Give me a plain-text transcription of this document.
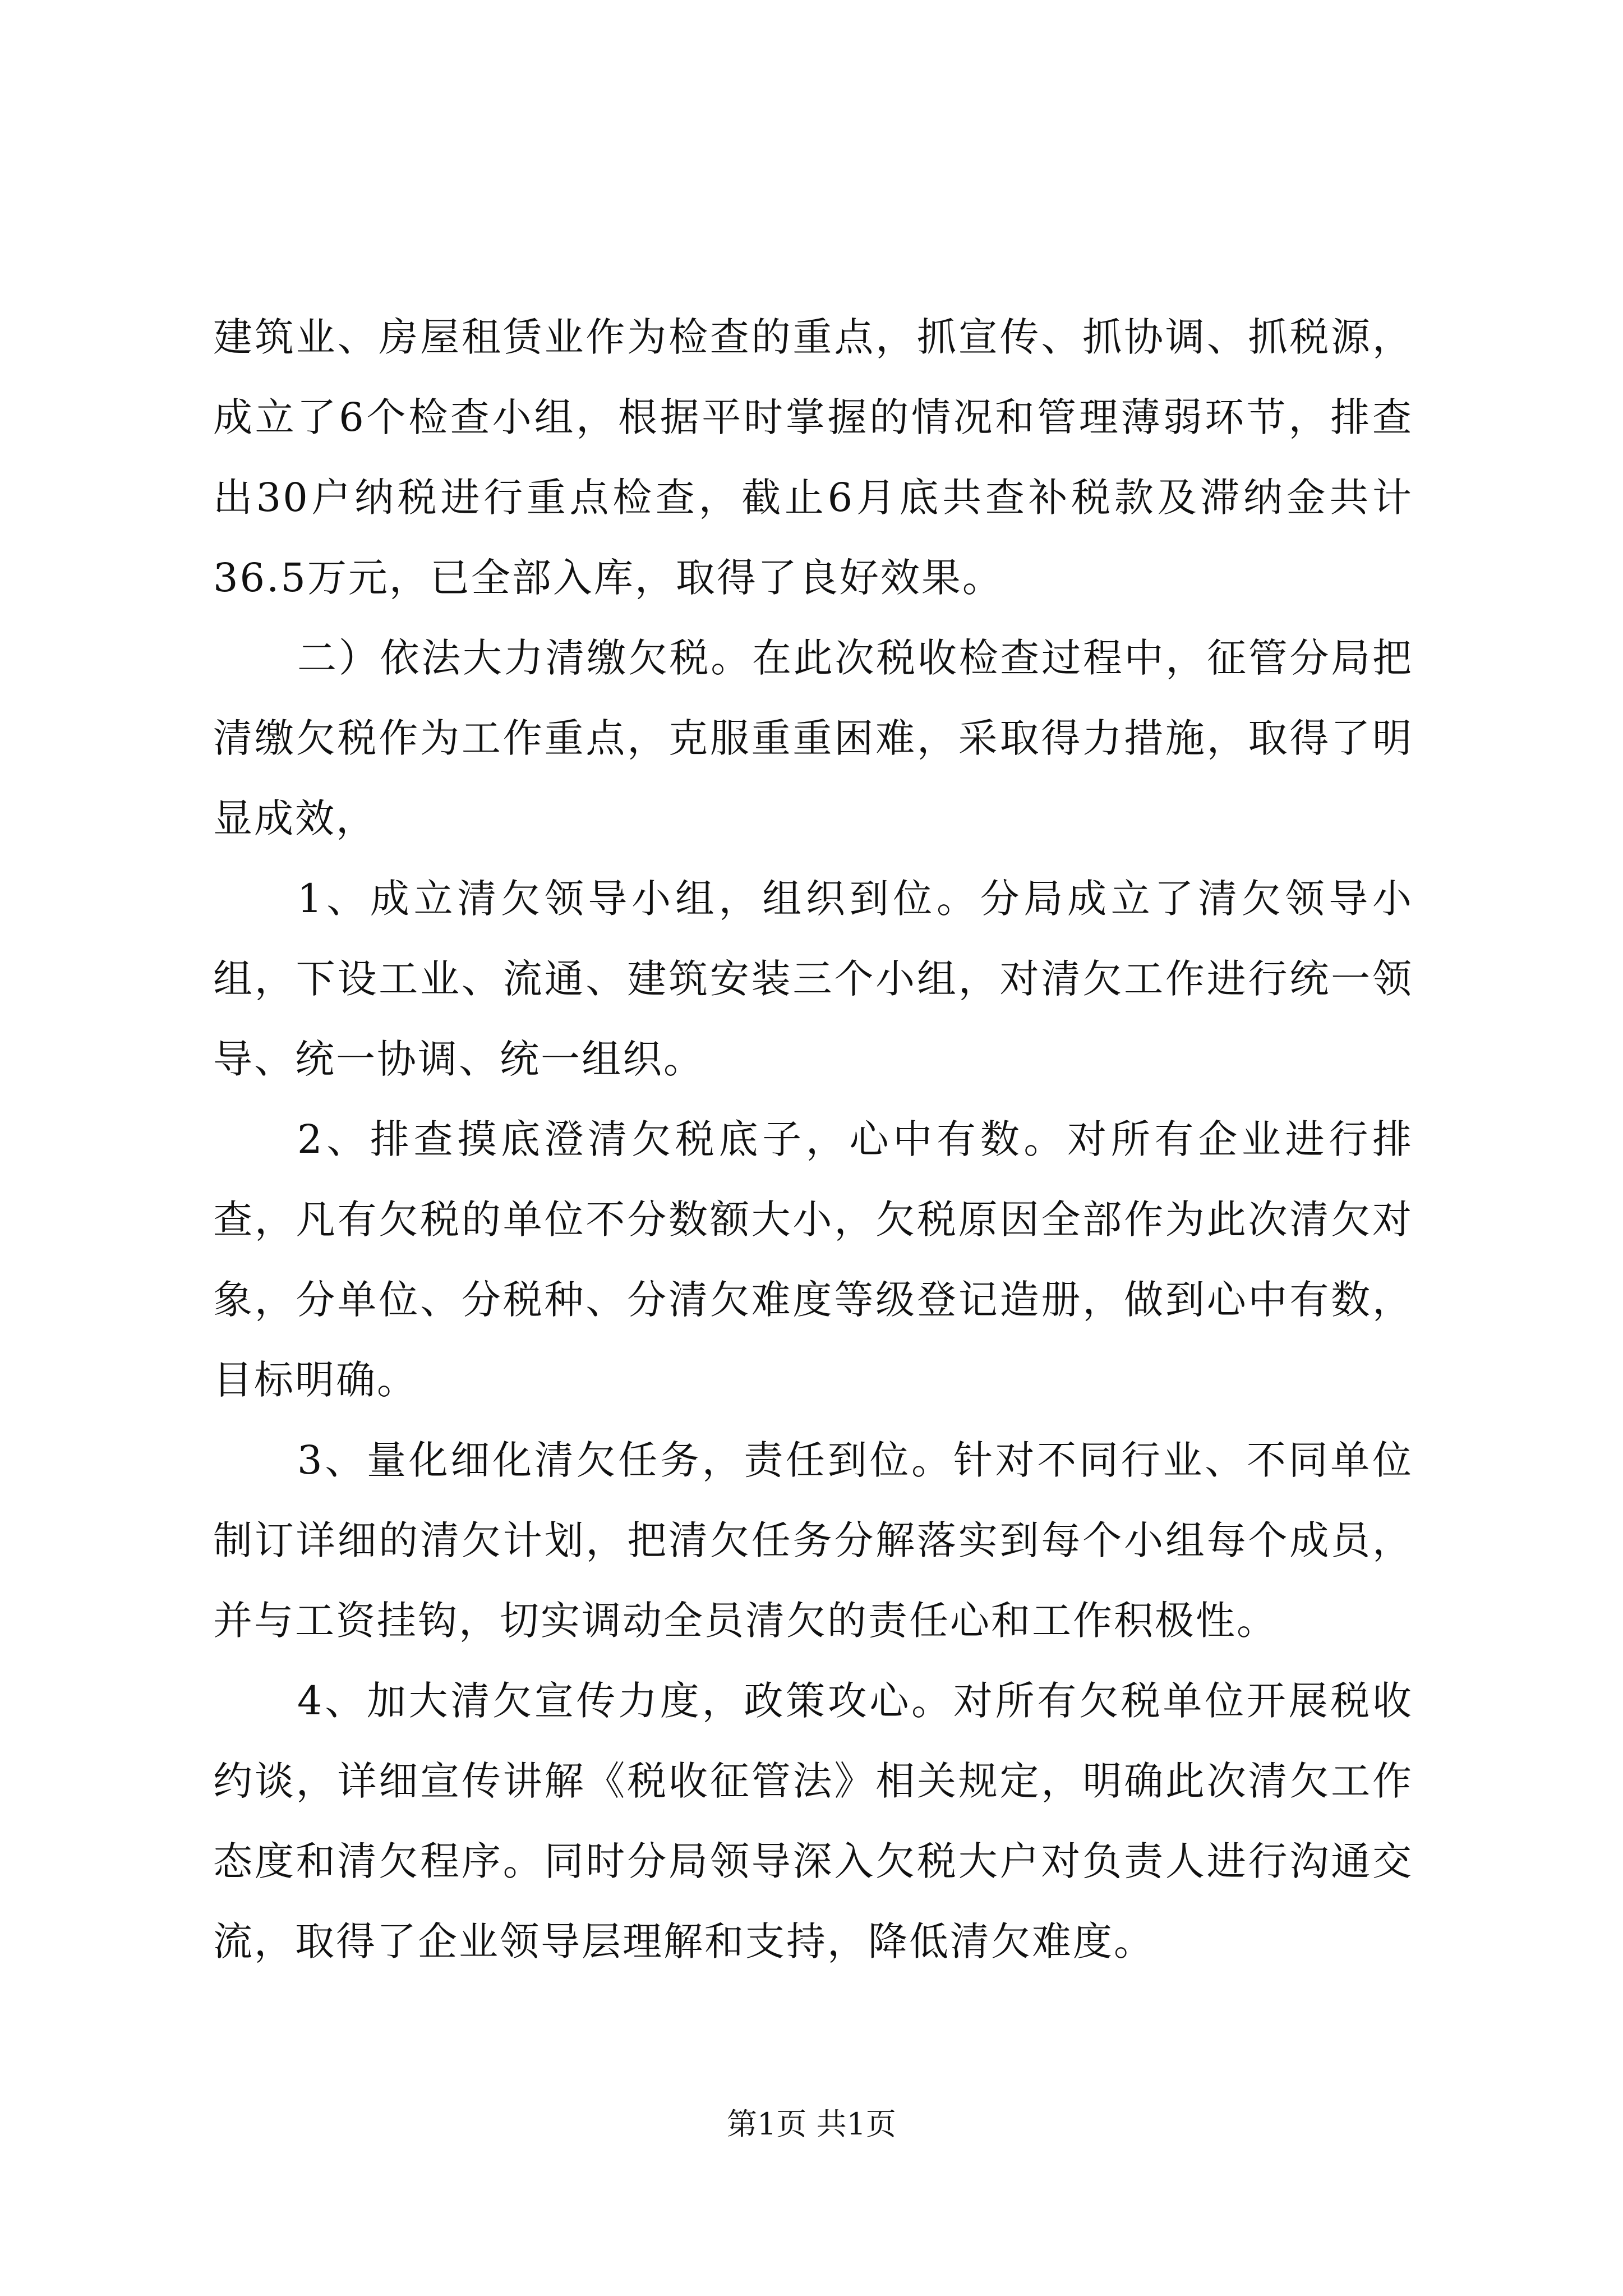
建筑业、房屋租赁业作为检查的重点，抓宣传、抓协调、抓税源，成立了6个检查小组，根据平时掌握的情况和管理薄弱环节，排查出30户纳税进行重点检查，截止6月底共查补税款及滞纳金共计36.5万元，已全部入库，取得了良好效果。

二）依法大力清缴欠税。在此次税收检查过程中，征管分局把清缴欠税作为工作重点，克服重重困难，采取得力措施，取得了明显成效，

1、成立清欠领导小组，组织到位。分局成立了清欠领导小组，下设工业、流通、建筑安装三个小组，对清欠工作进行统一领导、统一协调、统一组织。

2、排查摸底澄清欠税底子，心中有数。对所有企业进行排查，凡有欠税的单位不分数额大小，欠税原因全部作为此次清欠对象，分单位、分税种、分清欠难度等级登记造册，做到心中有数，目标明确。

3、量化细化清欠任务，责任到位。针对不同行业、不同单位制订详细的清欠计划，把清欠任务分解落实到每个小组每个成员，并与工资挂钩，切实调动全员清欠的责任心和工作积极性。

4、加大清欠宣传力度，政策攻心。对所有欠税单位开展税收约谈，详细宣传讲解《税收征管法》相关规定，明确此次清欠工作态度和清欠程序。同时分局领导深入欠税大户对负责人进行沟通交流，取得了企业领导层理解和支持，降低清欠难度。

第1页 共1页
